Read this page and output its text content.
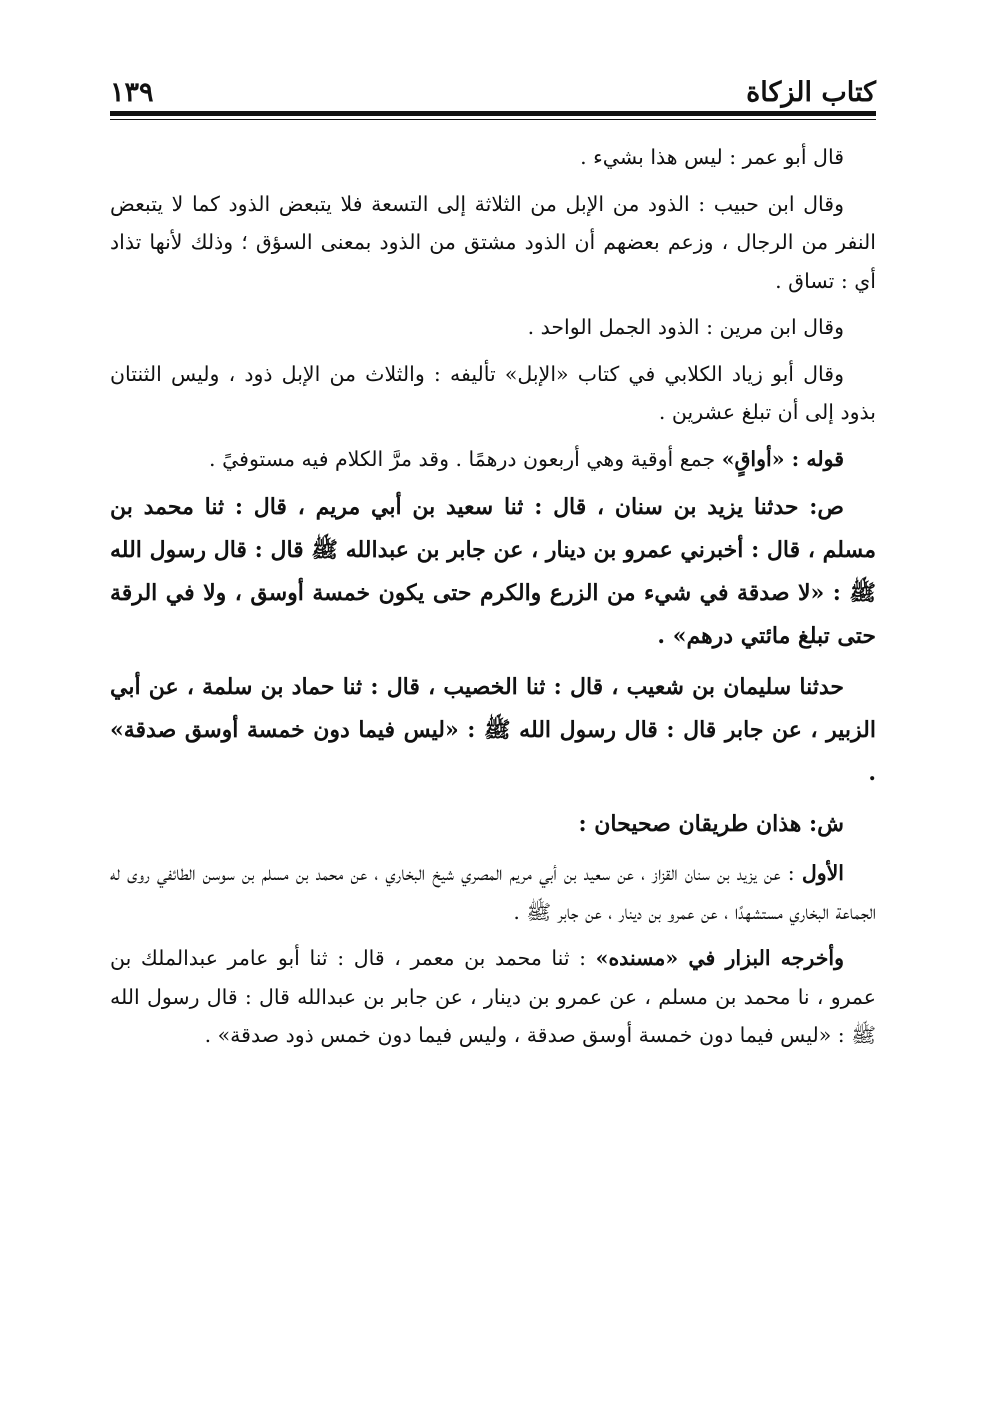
كتاب الزكاة
١٣٩

قال أبو عمر : ليس هذا بشيء .

وقال ابن حبيب : الذود من الإبل من الثلاثة إلى التسعة فلا يتبعض الذود كما لا يتبعض النفر من الرجال ، وزعم بعضهم أن الذود مشتق من الذود بمعنى السؤق ؛ وذلك لأنها تذاد أي : تساق .

وقال ابن مرين : الذود الجمل الواحد .

وقال أبو زياد الكلابي في كتاب «الإبل» تأليفه : والثلاث من الإبل ذود ، وليس الثنتان بذود إلى أن تبلغ عشرين .

قوله : «أواقٍ» جمع أوقية وهي أربعون درهمًا . وقد مرَّ الكلام فيه مستوفيً .

ص: حدثنا يزيد بن سنان ، قال : ثنا سعيد بن أبي مريم ، قال : ثنا محمد بن مسلم ، قال : أخبرني عمرو بن دينار ، عن جابر بن عبدالله ﷺ قال : قال رسول الله ﷺ : «لا صدقة في شيء من الزرع والكرم حتى يكون خمسة أوسق ، ولا في الرقة حتى تبلغ مائتي درهم» .

حدثنا سليمان بن شعيب ، قال : ثنا الخصيب ، قال : ثنا حماد بن سلمة ، عن أبي الزبير ، عن جابر قال : قال رسول الله ﷺ : «ليس فيما دون خمسة أوسق صدقة» .

ش: هذان طريقان صحيحان :

الأول : عن يزيد بن سنان القزاز ، عن سعيد بن أبي مريم المصري شيخ البخاري ، عن محمد بن مسلم بن سوسن الطائفي روى له الجماعة البخاري مستشهدًا ، عن عمرو بن دينار ، عن جابر ﷺ .

وأخرجه البزار في «مسنده» : ثنا محمد بن معمر ، قال : ثنا أبو عامر عبدالملك بن عمرو ، نا محمد بن مسلم ، عن عمرو بن دينار ، عن جابر بن عبدالله قال : قال رسول الله ﷺ : «ليس فيما دون خمسة أوسق صدقة ، وليس فيما دون خمس ذود صدقة» .
